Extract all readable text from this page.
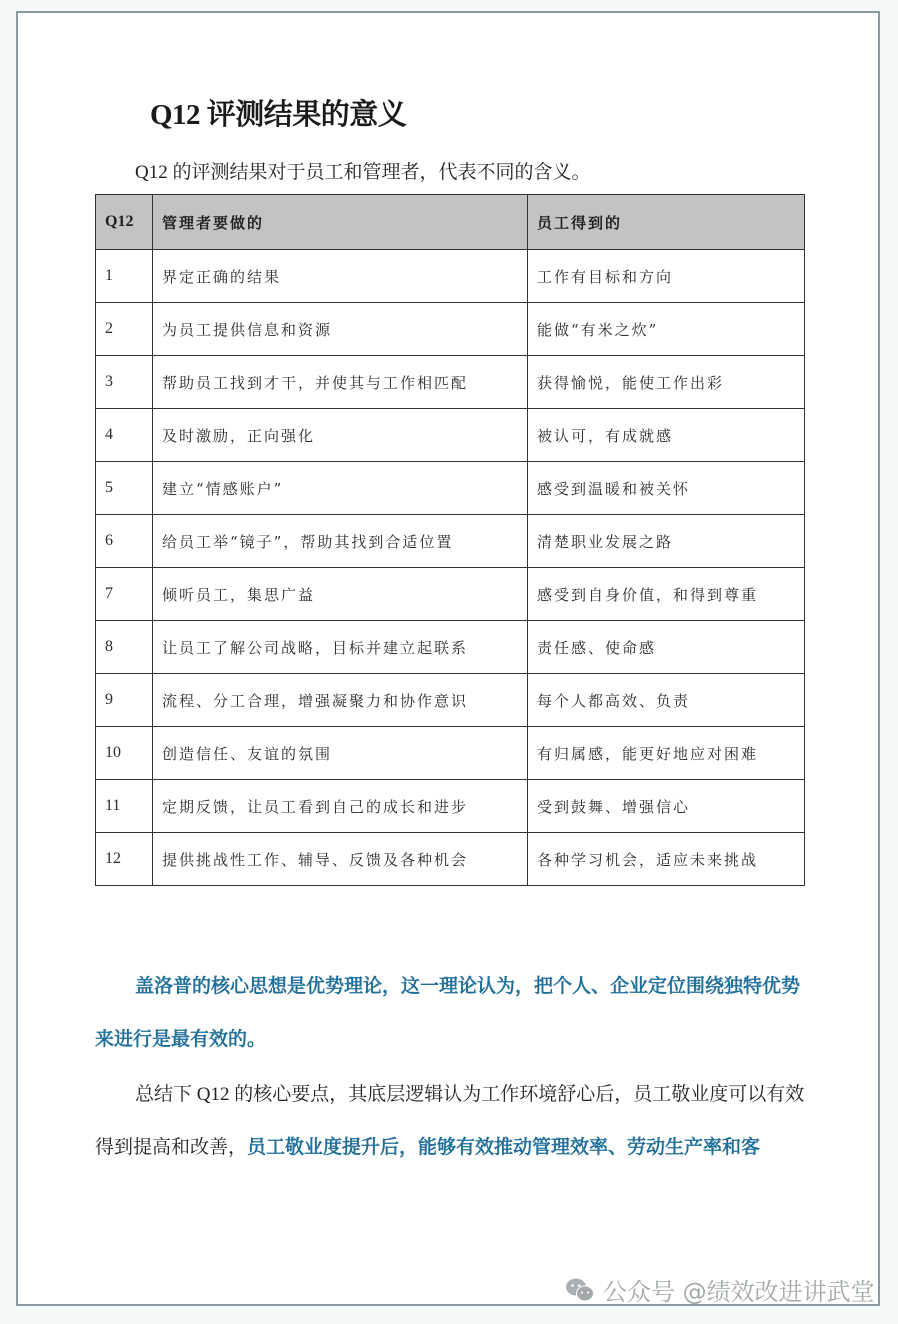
Q12 评测结果的意义
Q12 的评测结果对于员工和管理者，代表不同的含义。
Q12	管理者要做的	员工得到的
1	界定正确的结果	工作有目标和方向
2	为员工提供信息和资源	能做“有米之炊”
3	帮助员工找到才干，并使其与工作相匹配	获得愉悦，能使工作出彩
4	及时激励，正向强化	被认可，有成就感
5	建立“情感账户”	感受到温暖和被关怀
6	给员工举“镜子”，帮助其找到合适位置	清楚职业发展之路
7	倾听员工，集思广益	感受到自身价值，和得到尊重
8	让员工了解公司战略，目标并建立起联系	责任感、使命感
9	流程、分工合理，增强凝聚力和协作意识	每个人都高效、负责
10	创造信任、友谊的氛围	有归属感，能更好地应对困难
11	定期反馈，让员工看到自己的成长和进步	受到鼓舞、增强信心
12	提供挑战性工作、辅导、反馈及各种机会	各种学习机会，适应未来挑战
盖洛普的核心思想是优势理论，这一理论认为，把个人、企业定位围绕独特优势来进行是最有效的。
总结下 Q12 的核心要点，其底层逻辑认为工作环境舒心后，员工敬业度可以有效得到提高和改善，员工敬业度提升后，能够有效推动管理效率、劳动生产率和客
公众号 @绩效改进讲武堂
